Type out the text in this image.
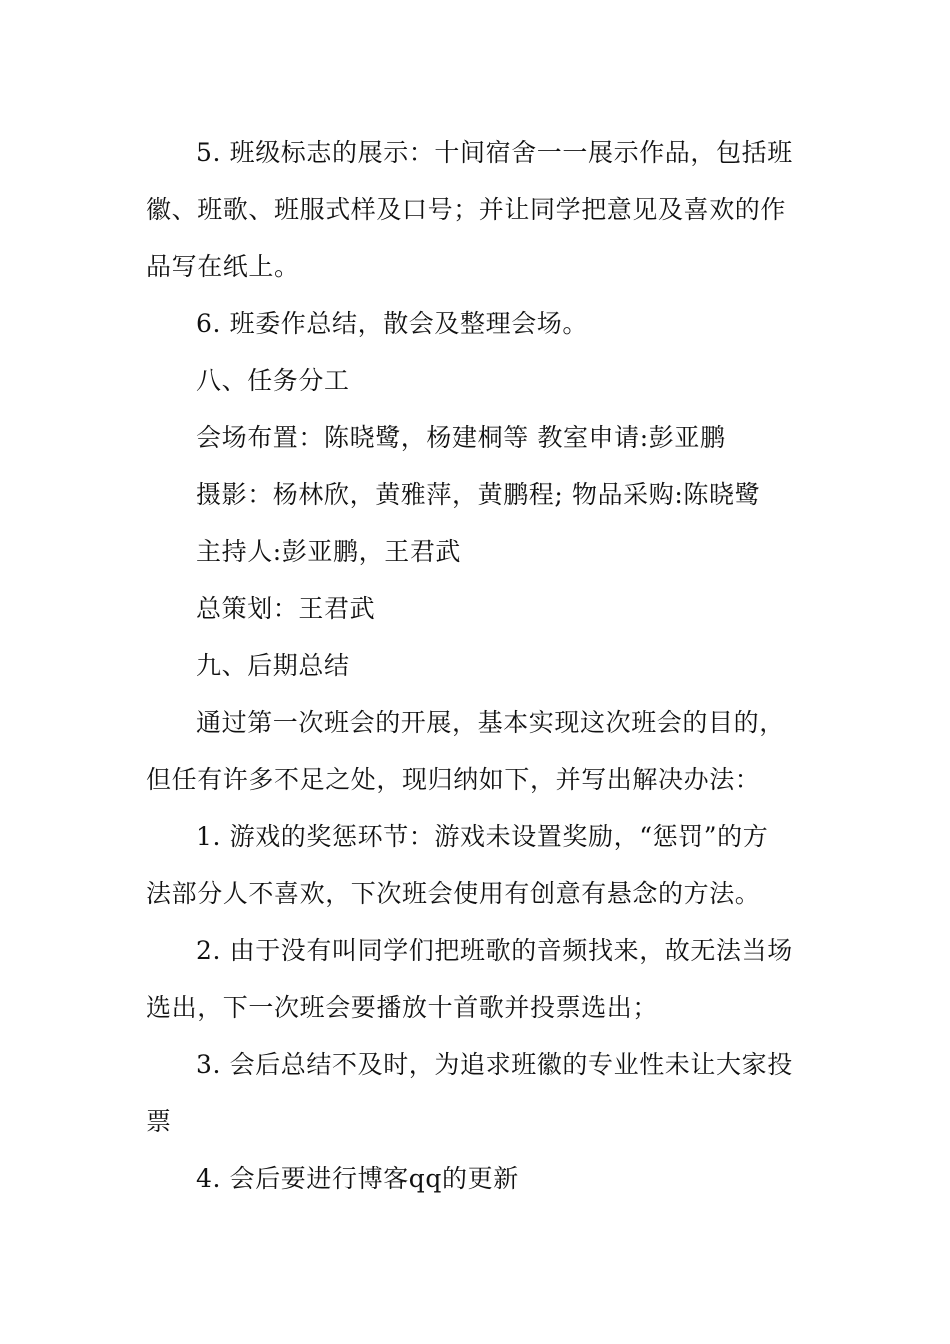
5. 班级标志的展示：十间宿舍一一展示作品，包括班
徽、班歌、班服式样及口号；并让同学把意见及喜欢的作
品写在纸上。
6. 班委作总结，散会及整理会场。
八、任务分工
会场布置：陈晓鹭，杨建桐等 教室申请:彭亚鹏
摄影：杨林欣，黄雅萍，黄鹏程; 物品采购:陈晓鹭
主持人:彭亚鹏，王君武
总策划：王君武
九、后期总结
通过第一次班会的开展，基本实现这次班会的目的，
但任有许多不足之处，现归纳如下，并写出解决办法：
1. 游戏的奖惩环节：游戏未设置奖励，“惩罚”的方
法部分人不喜欢，下次班会使用有创意有悬念的方法。
2. 由于没有叫同学们把班歌的音频找来，故无法当场
选出，下一次班会要播放十首歌并投票选出；
3. 会后总结不及时，为追求班徽的专业性未让大家投
票
4. 会后要进行博客qq的更新
